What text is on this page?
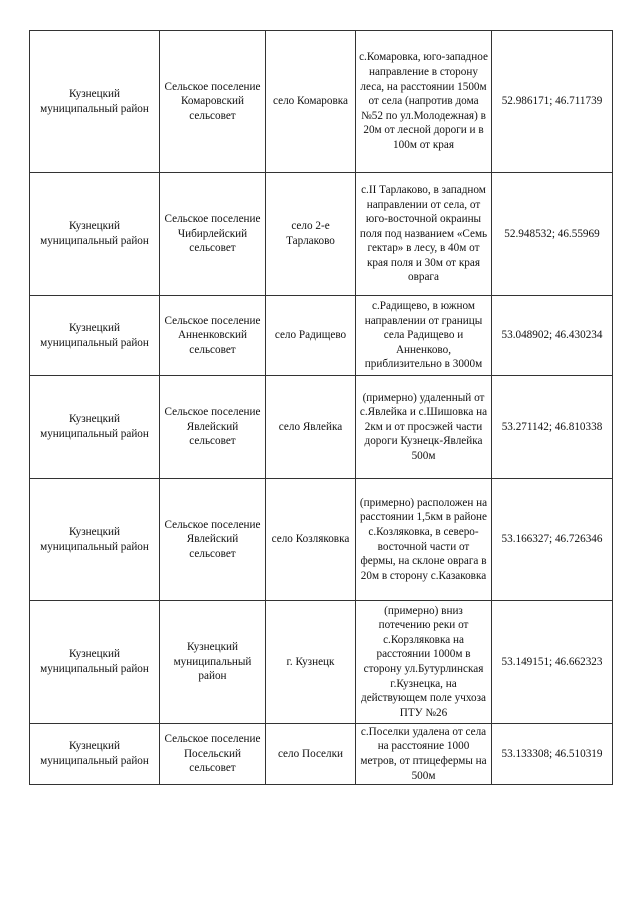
Кузнецкий муниципальный район	Сельское поселение Комаровский сельсовет	село Комаровка	с.Комаровка, юго-западное направление в сторону леса, на расстоянии 1500м от села (напротив дома №52 по ул.Молодежная) в 20м от лесной дороги и в 100м от края	52.986171; 46.711739
Кузнецкий муниципальный район	Сельское поселение Чибирлейский сельсовет	село 2-е Тарлаково	с.II Тарлаково, в западном направлении от села, от юго-восточной окраины поля под названием «Семь гектар» в лесу, в 40м от края поля и 30м от края оврага	52.948532; 46.55969
Кузнецкий муниципальный район	Сельское поселение Анненковский сельсовет	село Радищево	с.Радищево, в южном направлении от границы села Радищево и Анненково, приблизительно в 3000м	53.048902; 46.430234
Кузнецкий муниципальный район	Сельское поселение Явлейский сельсовет	село Явлейка	(примерно) удаленный от с.Явлейка и с.Шишовка на 2км и от просэжей части дороги Кузнецк-Явлейка 500м	53.271142; 46.810338
Кузнецкий муниципальный район	Сельское поселение Явлейский сельсовет	село Козляковка	(примерно) расположен на расстоянии 1,5км в районе с.Козляковка, в северо-восточной части от фермы, на склоне оврага в 20м в сторону с.Казаковка	53.166327; 46.726346
Кузнецкий муниципальный район	Кузнецкий муниципальный район	г. Кузнецк	(примерно) вниз потечению реки от с.Корзляковка на расстоянии 1000м в сторону ул.Бутурлинская г.Кузнецка, на действующем поле учхоза ПТУ №26	53.149151; 46.662323
Кузнецкий муниципальный район	Сельское поселение Посельский сельсовет	село Поселки	с.Поселки удалена от села на расстояние 1000 метров, от птицефермы на 500м	53.133308; 46.510319
